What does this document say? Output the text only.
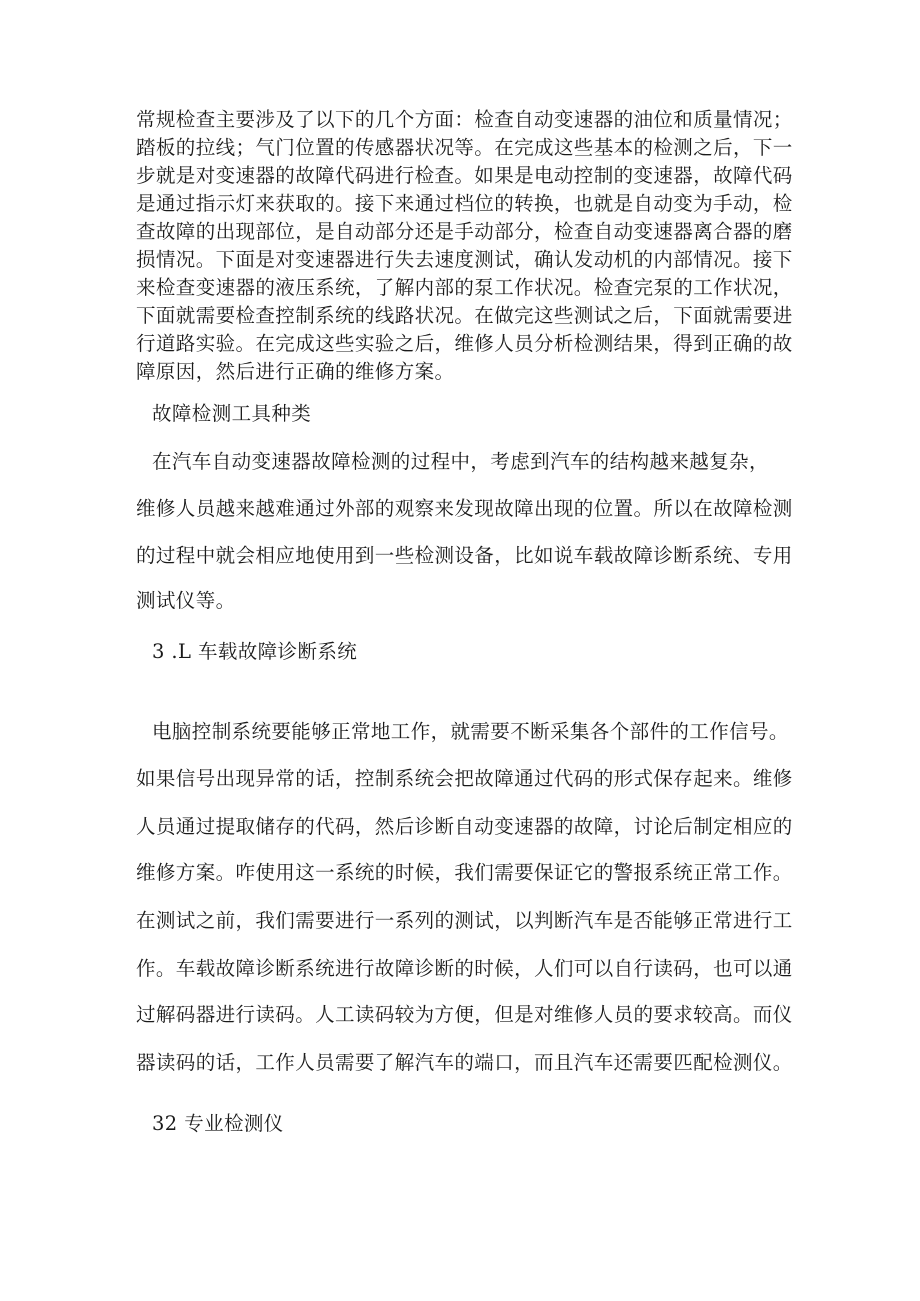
常规检查主要涉及了以下的几个方面：检查自动变速器的油位和质量情况；
踏板的拉线；气门位置的传感器状况等。在完成这些基本的检测之后，下一
步就是对变速器的故障代码进行检查。如果是电动控制的变速器，故障代码
是通过指示灯来获取的。接下来通过档位的转换，也就是自动变为手动，检
查故障的出现部位，是自动部分还是手动部分，检查自动变速器离合器的磨
损情况。下面是对变速器进行失去速度测试，确认发动机的内部情况。接下
来检查变速器的液压系统，了解内部的泵工作状况。检查完泵的工作状况，
下面就需要检查控制系统的线路状况。在做完这些测试之后，下面就需要进
行道路实验。在完成这些实验之后，维修人员分析检测结果，得到正确的故
障原因，然后进行正确的维修方案。
故障检测工具种类
在汽车自动变速器故障检测的过程中，考虑到汽车的结构越来越复杂，
维修人员越来越难通过外部的观察来发现故障出现的位置。所以在故障检测
的过程中就会相应地使用到一些检测设备，比如说车载故障诊断系统、专用
测试仪等。
3 .L 车载故障诊断系统
电脑控制系统要能够正常地工作，就需要不断采集各个部件的工作信号。
如果信号出现异常的话，控制系统会把故障通过代码的形式保存起来。维修
人员通过提取储存的代码，然后诊断自动变速器的故障，讨论后制定相应的
维修方案。咋使用这一系统的时候，我们需要保证它的警报系统正常工作。
在测试之前，我们需要进行一系列的测试，以判断汽车是否能够正常进行工
作。车载故障诊断系统进行故障诊断的时候，人们可以自行读码，也可以通
过解码器进行读码。人工读码较为方便，但是对维修人员的要求较高。而仪
器读码的话，工作人员需要了解汽车的端口，而且汽车还需要匹配检测仪。
32 专业检测仪
